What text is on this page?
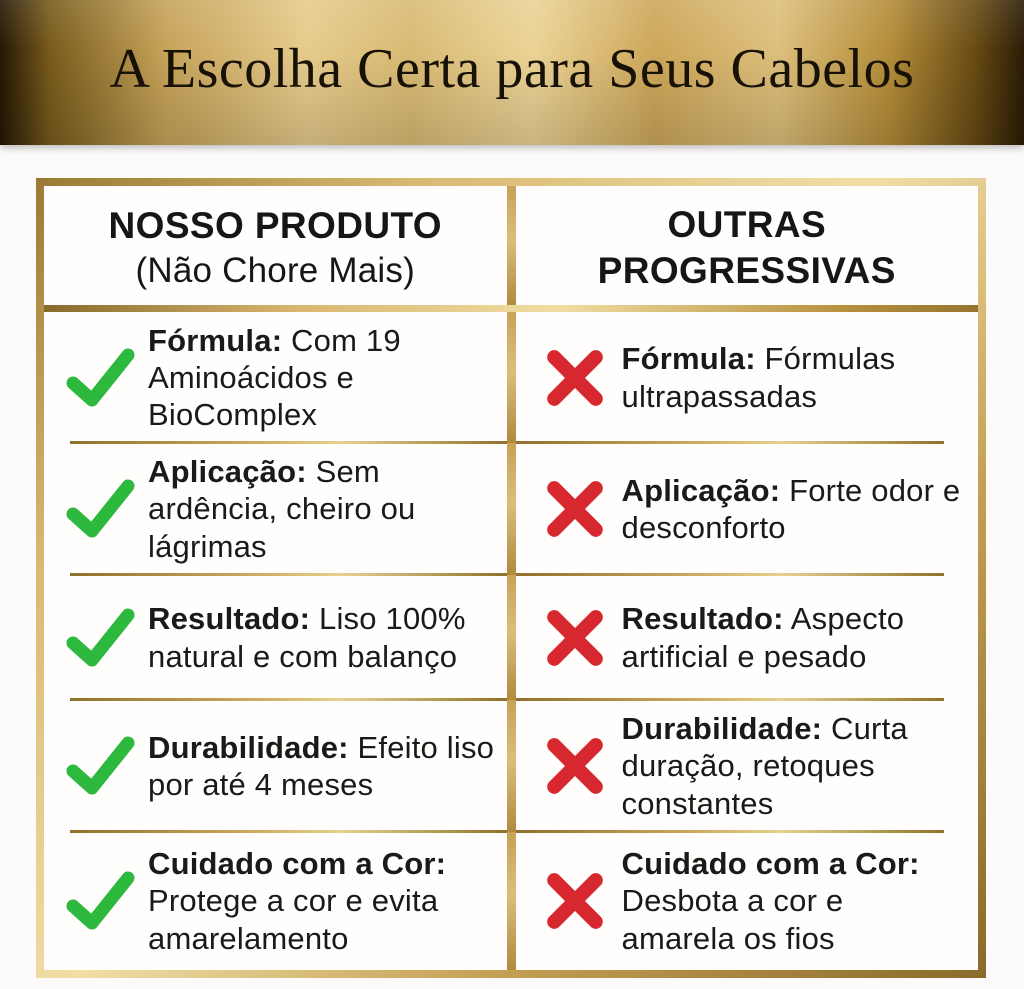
A Escolha Certa para Seus Cabelos
NOSSO PRODUTO
(Não Chore Mais)
OUTRAS
PROGRESSIVAS

Fórmula: Com 19 Aminoácidos e BioComplex

Fórmula: Fórmulas ultrapassadas

Aplicação: Sem ardência, cheiro ou lágrimas

Aplicação: Forte odor e desconforto

Resultado: Liso 100% natural e com balanço

Resultado: Aspecto artificial e pesado

Durabilidade: Efeito liso por até 4 meses

Durabilidade: Curta duração, retoques constantes

Cuidado com a Cor: Protege a cor e evita amarelamento

Cuidado com a Cor: Desbota a cor e amarela os fios
